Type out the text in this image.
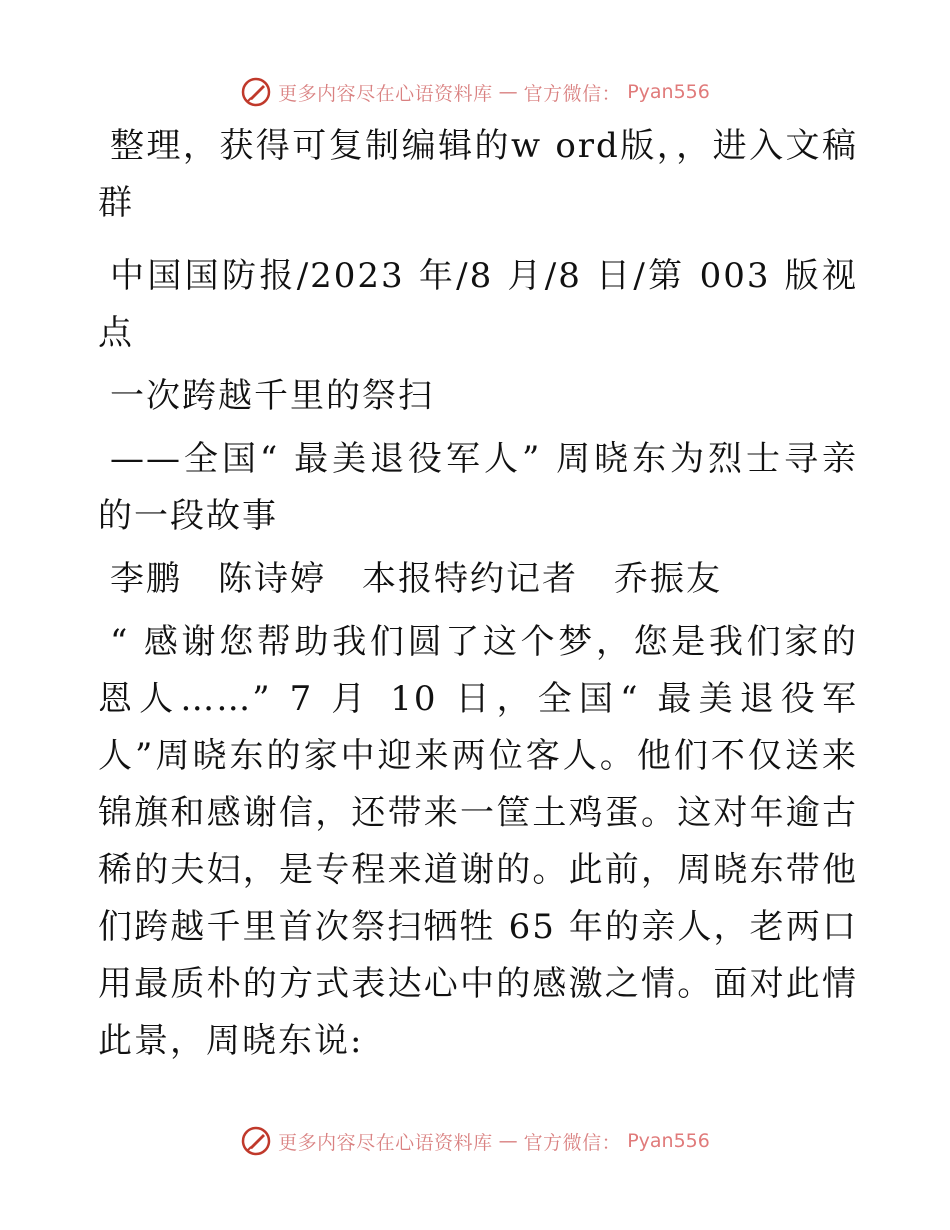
更多内容尽在心语资料库 — 官方微信： Pyan556

整理，获得可复制编辑的w ord版，，进入文稿群

中国国防报/2023 年/8 月/8 日/第 003 版视点

一次跨越千里的祭扫

——全国“ 最美退役军人” 周晓东为烈士寻亲的一段故事

李鹏　陈诗婷　本报特约记者　乔振友

“ 感谢您帮助我们圆了这个梦，您是我们家的恩人……” 7 月 10 日，全国“ 最美退役军人”周晓东的家中迎来两位客人。他们不仅送来锦旗和感谢信，还带来一筐土鸡蛋。这对年逾古稀的夫妇，是专程来道谢的。此前，周晓东带他们跨越千里首次祭扫牺牲 65 年的亲人，老两口用最质朴的方式表达心中的感激之情。面对此情此景，周晓东说:

更多内容尽在心语资料库 — 官方微信： Pyan556
